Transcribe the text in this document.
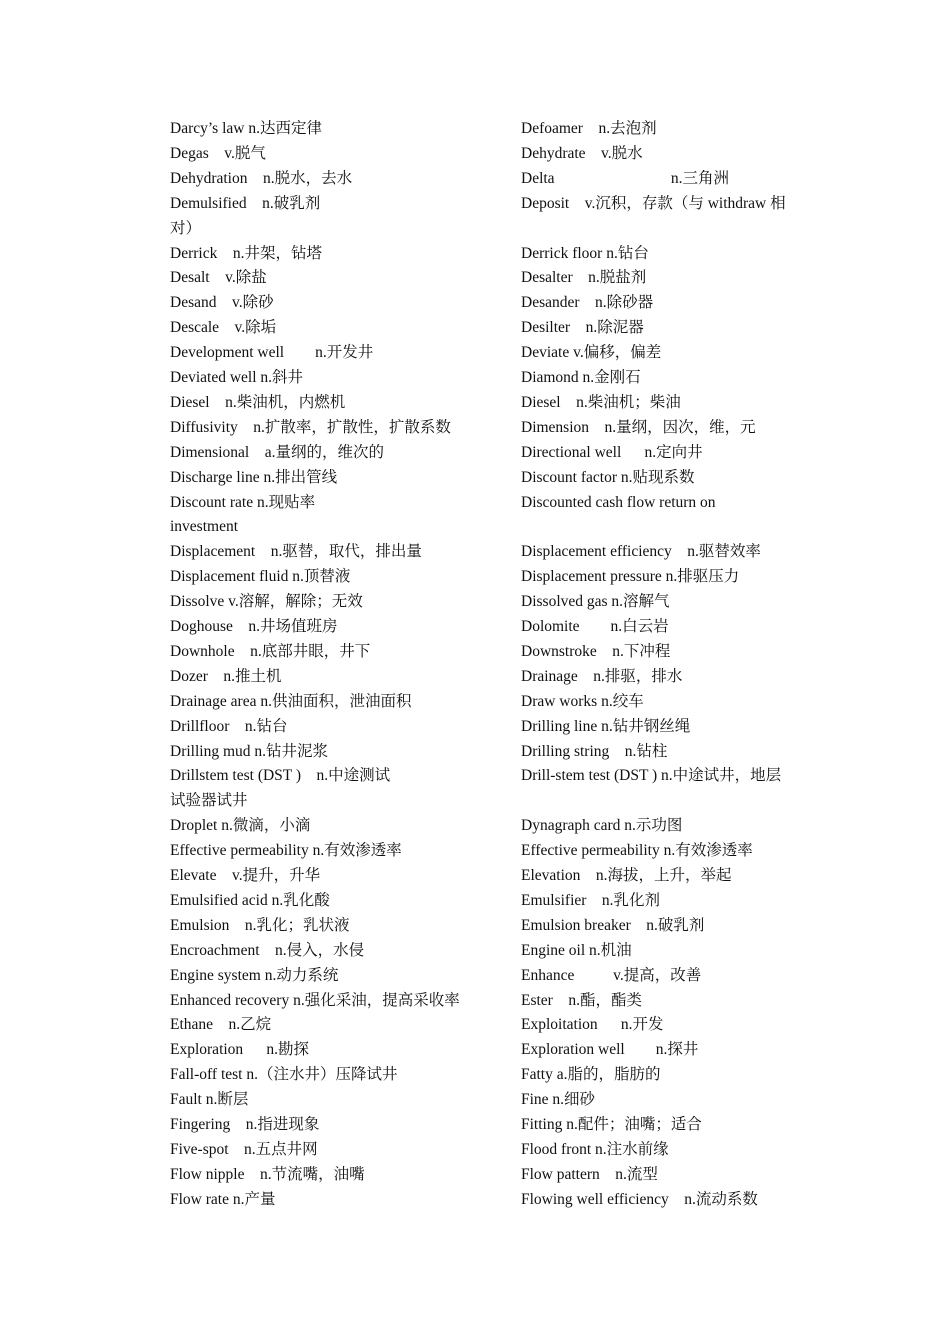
Darcy’s law n.达西定律
Degas    v.脱气
Dehydration    n.脱水，去水
Demulsified    n.破乳剂
对）
Derrick    n.井架，钻塔
Desalt    v.除盐
Desand    v.除砂
Descale    v.除垢
Development well        n.开发井
Deviated well n.斜井
Diesel    n.柴油机，内燃机
Diffusivity    n.扩散率，扩散性，扩散系数
Dimensional    a.量纲的，维次的
Discharge line n.排出管线
Discount rate n.现贴率
investment
Displacement    n.驱替，取代，排出量
Displacement fluid n.顶替液
Dissolve v.溶解，解除；无效
Doghouse    n.井场值班房
Downhole    n.底部井眼，井下
Dozer    n.推土机
Drainage area n.供油面积，泄油面积
Drillfloor    n.钻台
Drilling mud n.钻井泥浆
Drillstem test (DST )    n.中途测试
试验器试井
Droplet n.微滴，小滴
Effective permeability n.有效渗透率
Elevate    v.提升，升华
Emulsified acid n.乳化酸
Emulsion    n.乳化；乳状液
Encroachment    n.侵入，水侵
Engine system n.动力系统
Enhanced recovery n.强化采油，提高采收率
Ethane    n.乙烷
Exploration      n.勘探
Fall-off test n.（注水井）压降试井
Fault n.断层
Fingering    n.指进现象
Five-spot    n.五点井网
Flow nipple    n.节流嘴，油嘴
Flow rate n.产量
Defoamer    n.去泡剂
Dehydrate    v.脱水
Delta                              n.三角洲
Deposit    v.沉积，存款（与 withdraw 相
Derrick floor n.钻台
Desalter    n.脱盐剂
Desander    n.除砂器
Desilter    n.除泥器
Deviate v.偏移，偏差
Diamond n.金刚石
Diesel    n.柴油机；柴油
Dimension    n.量纲，因次，维，元
Directional well      n.定向井
Discount factor n.贴现系数
Discounted cash flow return on
Displacement efficiency    n.驱替效率
Displacement pressure n.排驱压力
Dissolved gas n.溶解气
Dolomite        n.白云岩
Downstroke    n.下冲程
Drainage    n.排驱，排水
Draw works n.绞车
Drilling line n.钻井钢丝绳
Drilling string    n.钻柱
Drill-stem test (DST ) n.中途试井，地层
Dynagraph card n.示功图
Effective permeability n.有效渗透率
Elevation    n.海拔，上升，举起
Emulsifier    n.乳化剂
Emulsion breaker    n.破乳剂
Engine oil n.机油
Enhance          v.提高，改善
Ester    n.酯，酯类
Exploitation      n.开发
Exploration well        n.探井
Fatty a.脂的，脂肪的
Fine n.细砂
Fitting n.配件；油嘴；适合
Flood front n.注水前缘
Flow pattern    n.流型
Flowing well efficiency    n.流动系数
